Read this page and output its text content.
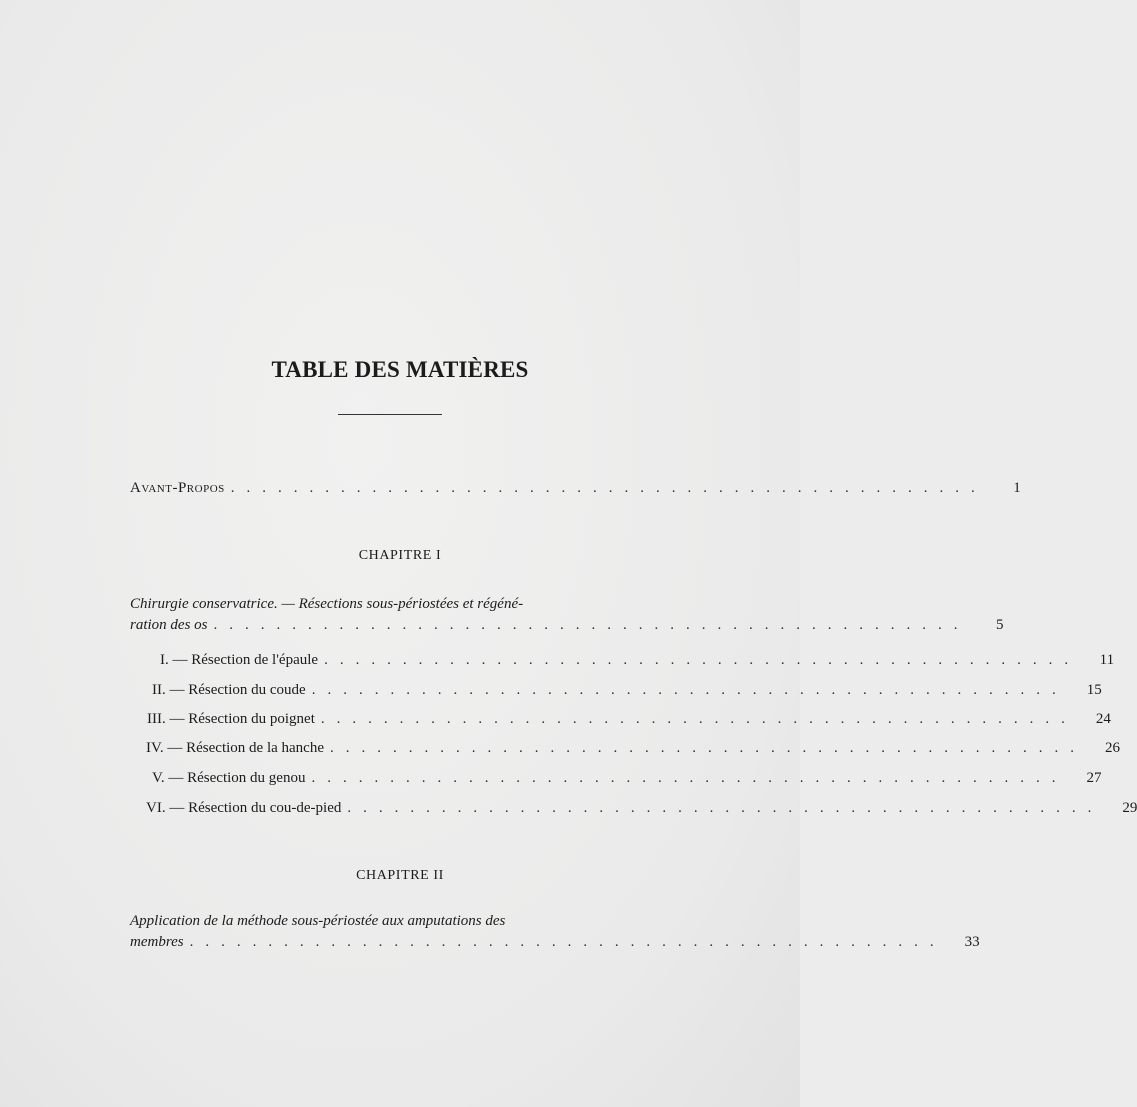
TABLE DES MATIÈRES
Avant-Propos ................................................	1
CHAPITRE I
Chirurgie conservatrice. — Résections sous-périostées et régéné-
ration des os ................................................	5
I. — Résection de l'épaule ................................................	11
II. — Résection du coude ................................................	15
III. — Résection du poignet ................................................	24
IV. — Résection de la hanche ................................................	26
V. — Résection du genou ................................................	27
VI. — Résection du cou-de-pied ................................................	29
CHAPITRE II
Application de la méthode sous-périostée aux amputations des
membres ................................................	33
